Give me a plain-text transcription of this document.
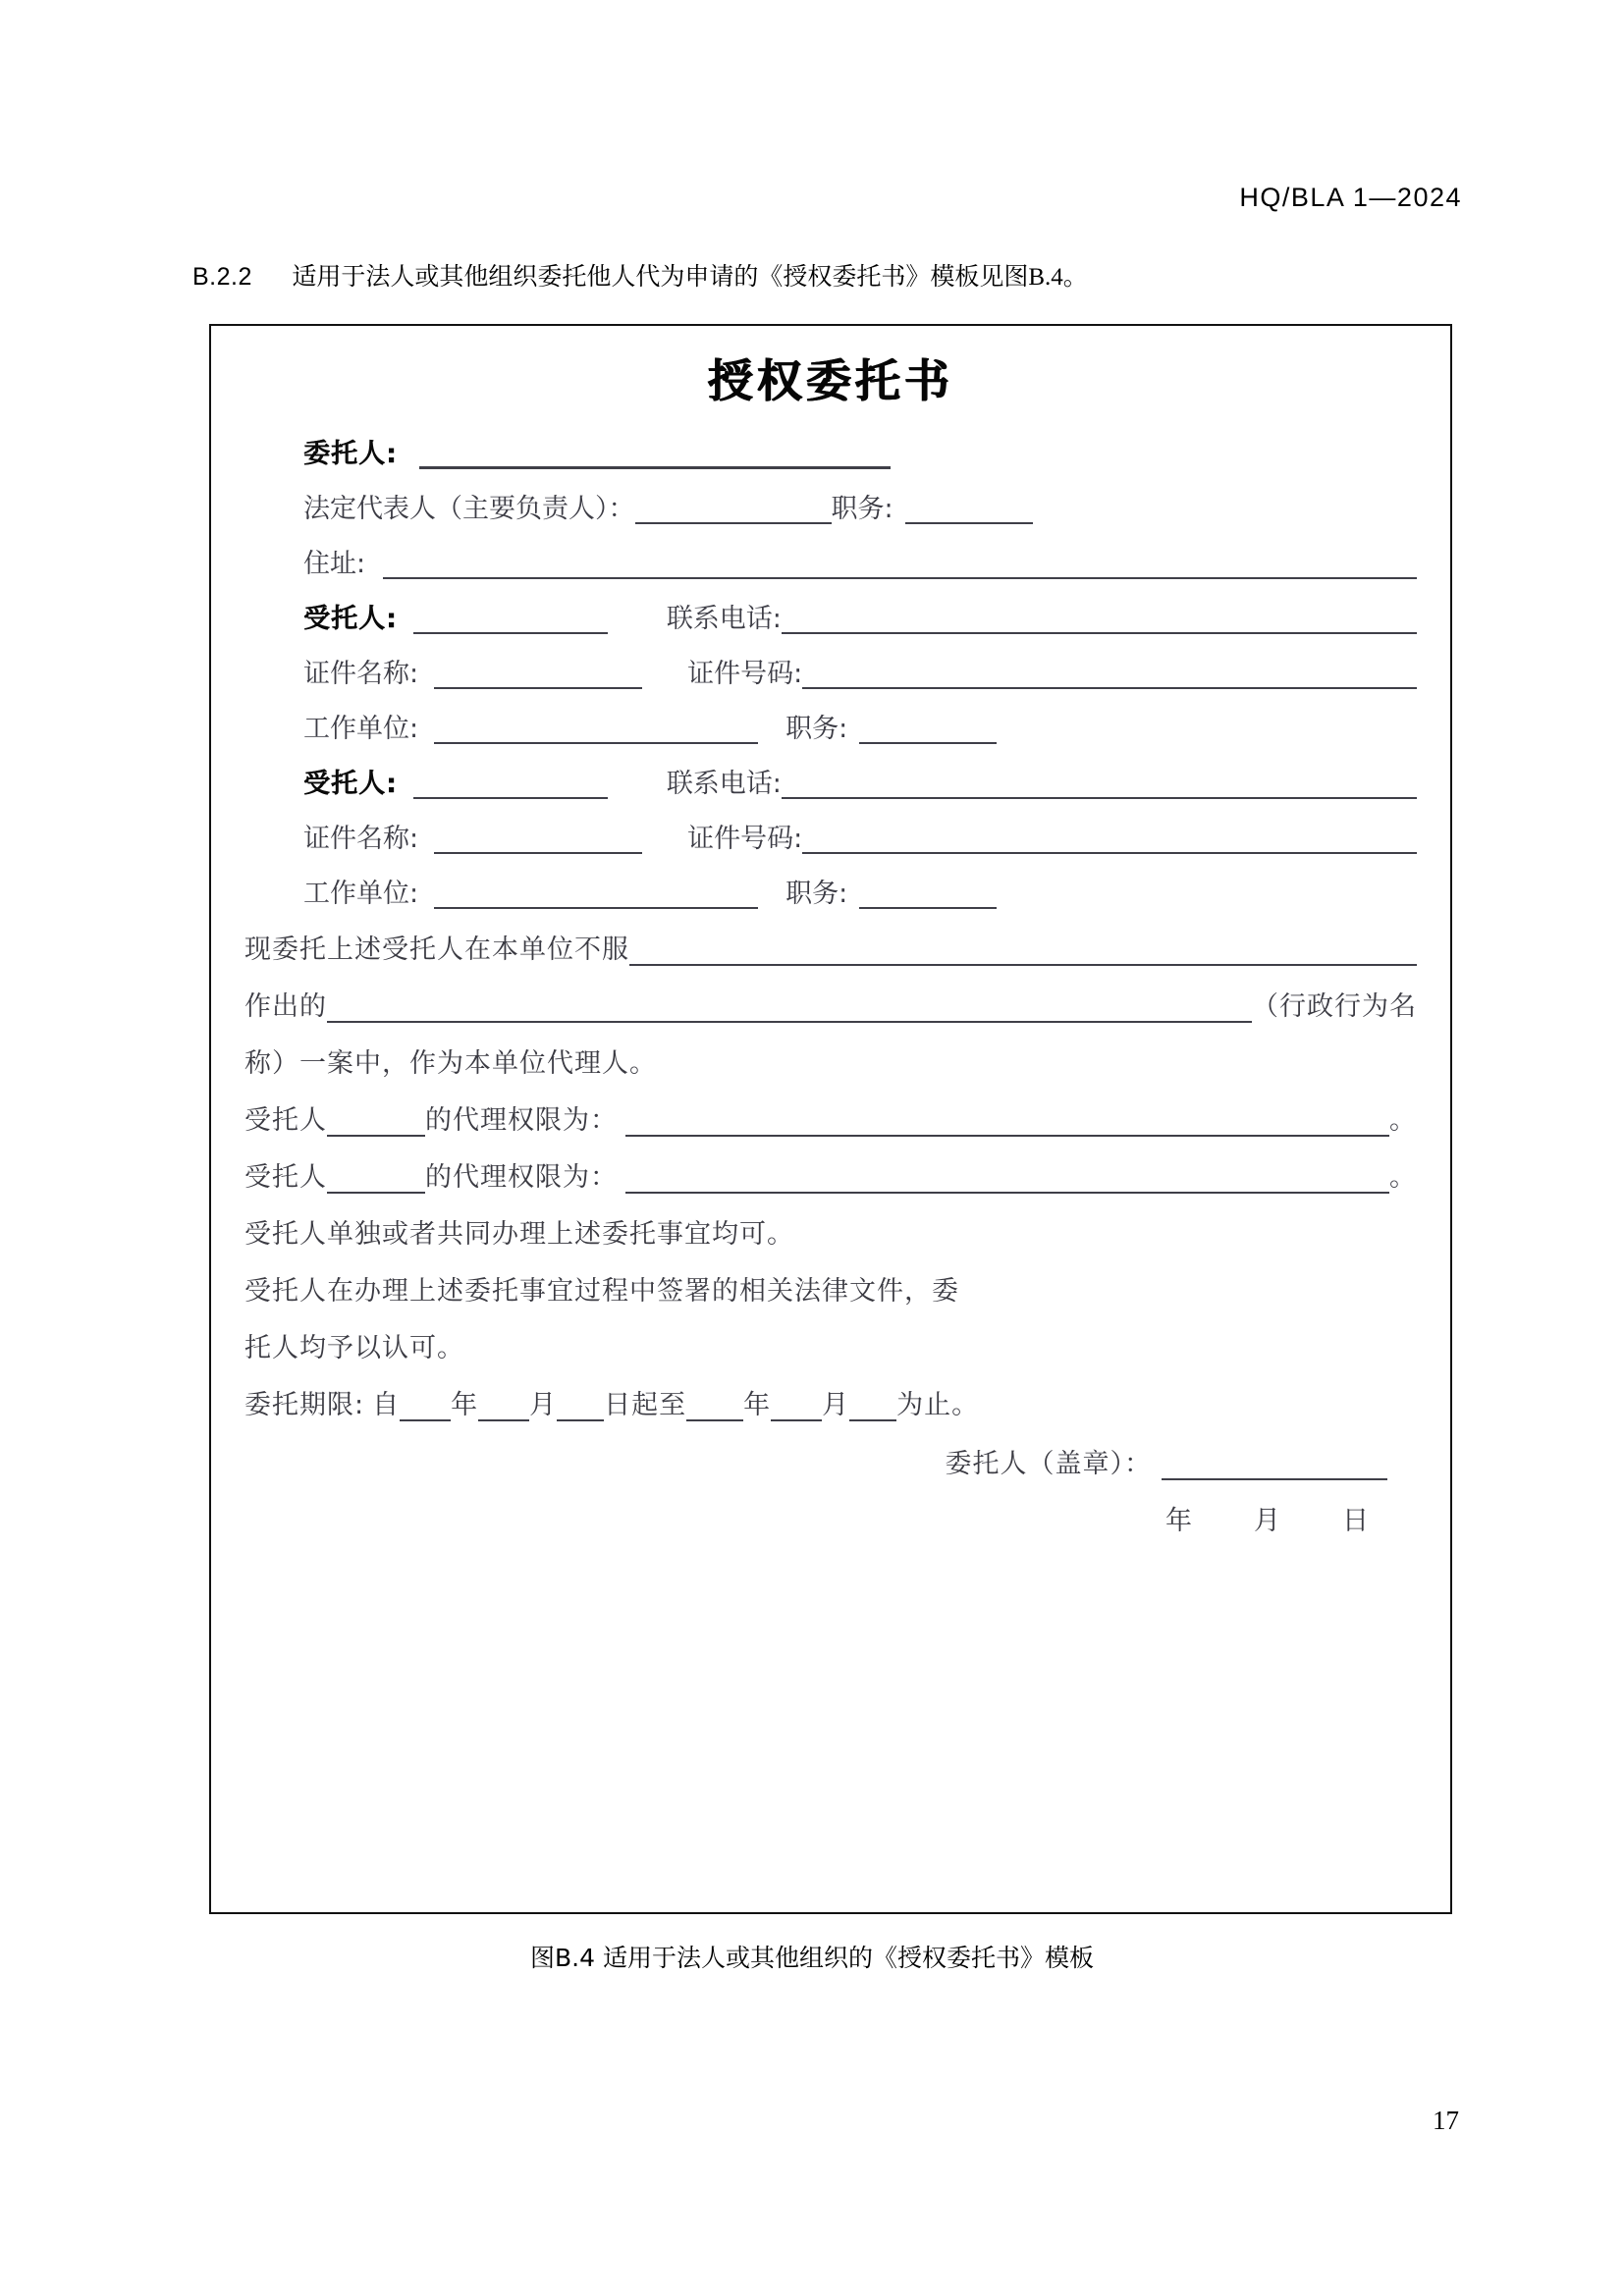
HQ/BLA 1—2024
B.2.2 适用于法人或其他组织委托他人代为申请的《授权委托书》模板见图B.4。
授权委托书
委托人:
法定代表人（主要负责人）：	职务:
住址:
受托人:	联系电话:
证件名称:	证件号码:
工作单位:	职务:
受托人:	联系电话:
证件名称:	证件号码:
工作单位:	职务:
现委托上述受托人在本单位不服
作出的	（行政行为名
称）一案中，作为本单位代理人。
受托人	的代理权限为：	。
受托人	的代理权限为：	。
受托人单独或者共同办理上述委托事宜均可。
受托人在办理上述委托事宜过程中签署的相关法律文件，委
托人均予以认可。
委托期限: 自 年 月 日 起至 年 月 为止。
委托人（盖章）：
年 月 日
图B.4 适用于法人或其他组织的《授权委托书》模板
17
